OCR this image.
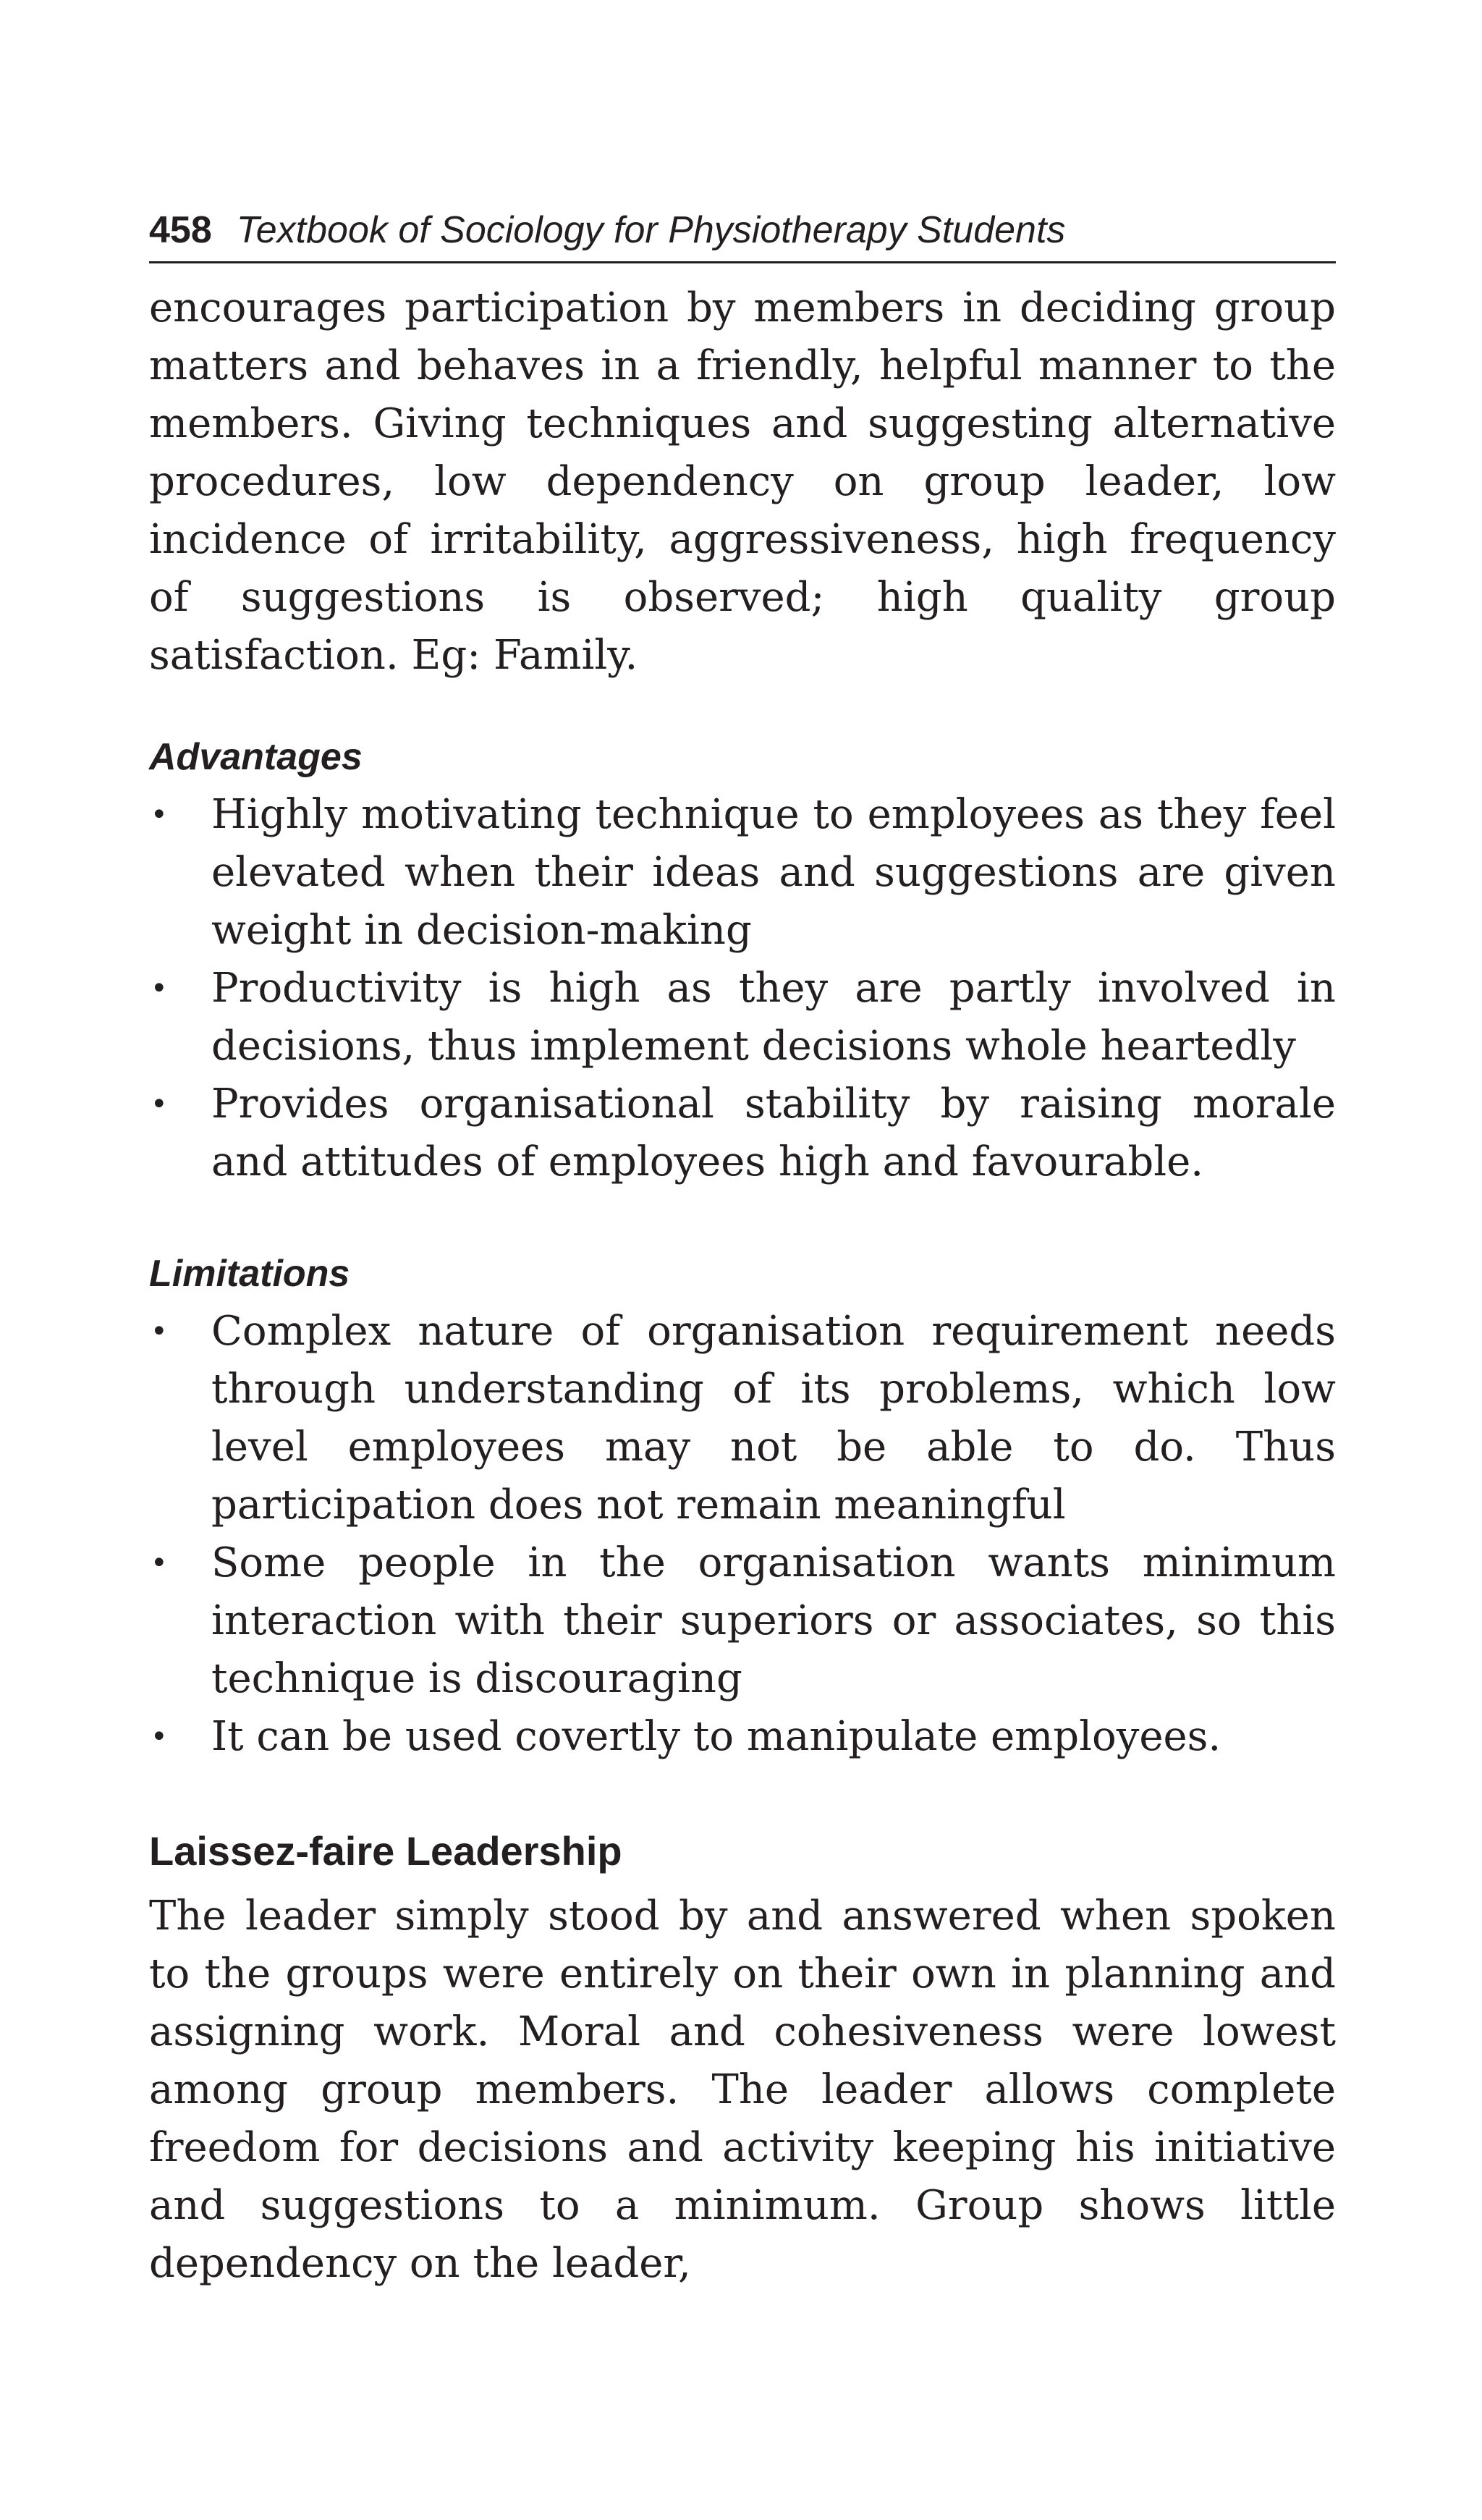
458 Textbook of Sociology for Physiotherapy Students

encourages participation by members in deciding group matters and behaves in a friendly, helpful manner to the members. Giving techniques and suggesting alternative procedures, low dependency on group leader, low incidence of irritability, aggressiveness, high frequency of suggestions is observed; high quality group satisfaction. Eg: Family.

Advantages
•	Highly motivating technique to employees as they feel elevated when their ideas and suggestions are given weight in decision-making
•	Productivity is high as they are partly involved in decisions, thus implement decisions whole heartedly
•	Provides organisational stability by raising morale and attitudes of employees high and favourable.
Limitations
•	Complex nature of organisation requirement needs through understanding of its problems, which low level employees may not be able to do. Thus participation does not remain meaningful
•	Some people in the organisation wants minimum interaction with their superiors or associates, so this technique is discouraging
•	It can be used covertly to manipulate employees.
Laissez-faire Leadership

The leader simply stood by and answered when spoken to the groups were entirely on their own in planning and assigning work. Moral and cohesiveness were lowest among group members. The leader allows complete freedom for decisions and activity keeping his initiative and suggestions to a minimum. Group shows little dependency on the leader,
